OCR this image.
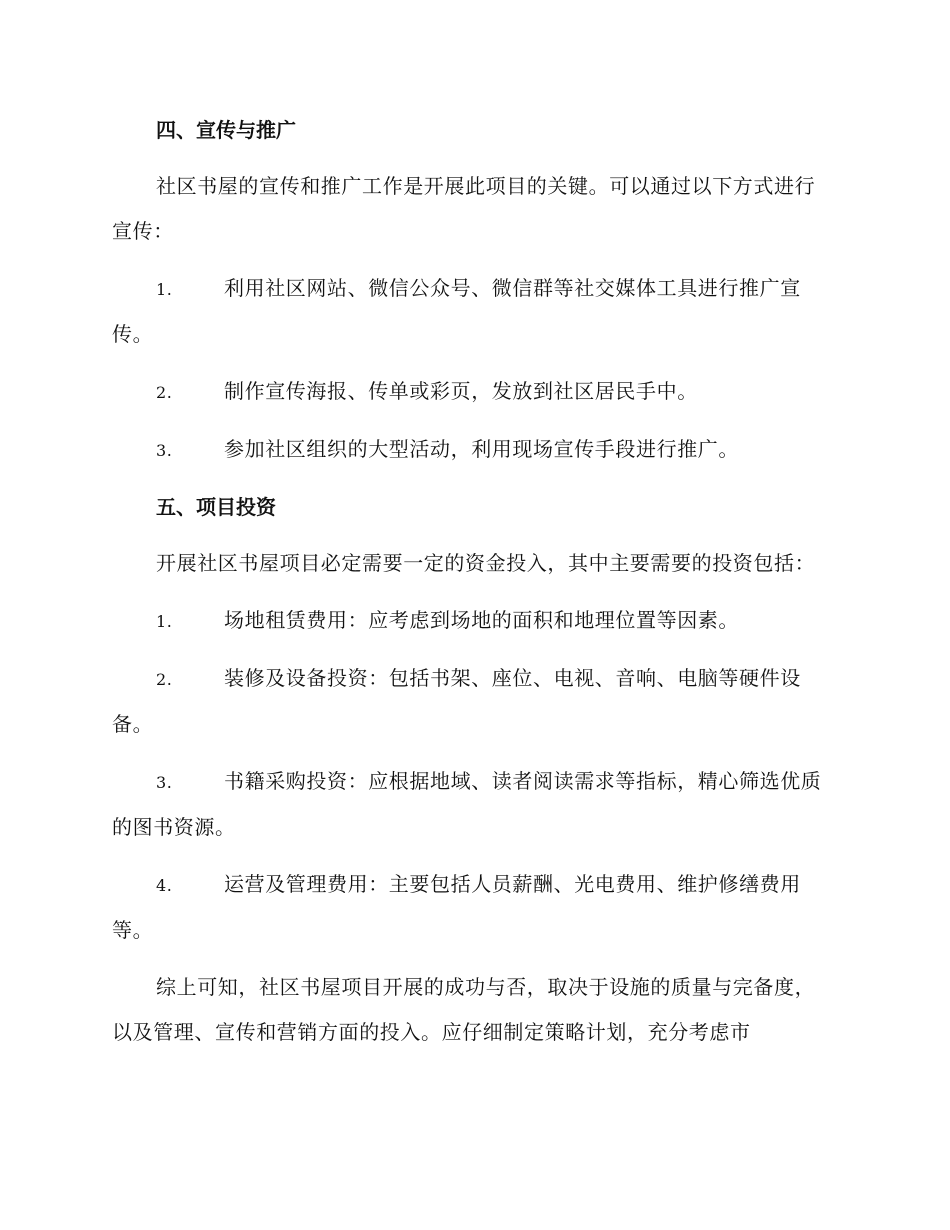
四、宣传与推广
社区书屋的宣传和推广工作是开展此项目的关键。可以通过以下方式进行宣传：
1.	利用社区网站、微信公众号、微信群等社交媒体工具进行推广宣传。
2.	制作宣传海报、传单或彩页，发放到社区居民手中。
3.	参加社区组织的大型活动，利用现场宣传手段进行推广。
五、项目投资
开展社区书屋项目必定需要一定的资金投入，其中主要需要的投资包括：
1.	场地租赁费用：应考虑到场地的面积和地理位置等因素。
2.	装修及设备投资：包括书架、座位、电视、音响、电脑等硬件设备。
3.	书籍采购投资：应根据地域、读者阅读需求等指标，精心筛选优质的图书资源。
4.	运营及管理费用：主要包括人员薪酬、光电费用、维护修缮费用等。
综上可知，社区书屋项目开展的成功与否，取决于设施的质量与完备度，以及管理、宣传和营销方面的投入。应仔细制定策略计划，充分考虑市
